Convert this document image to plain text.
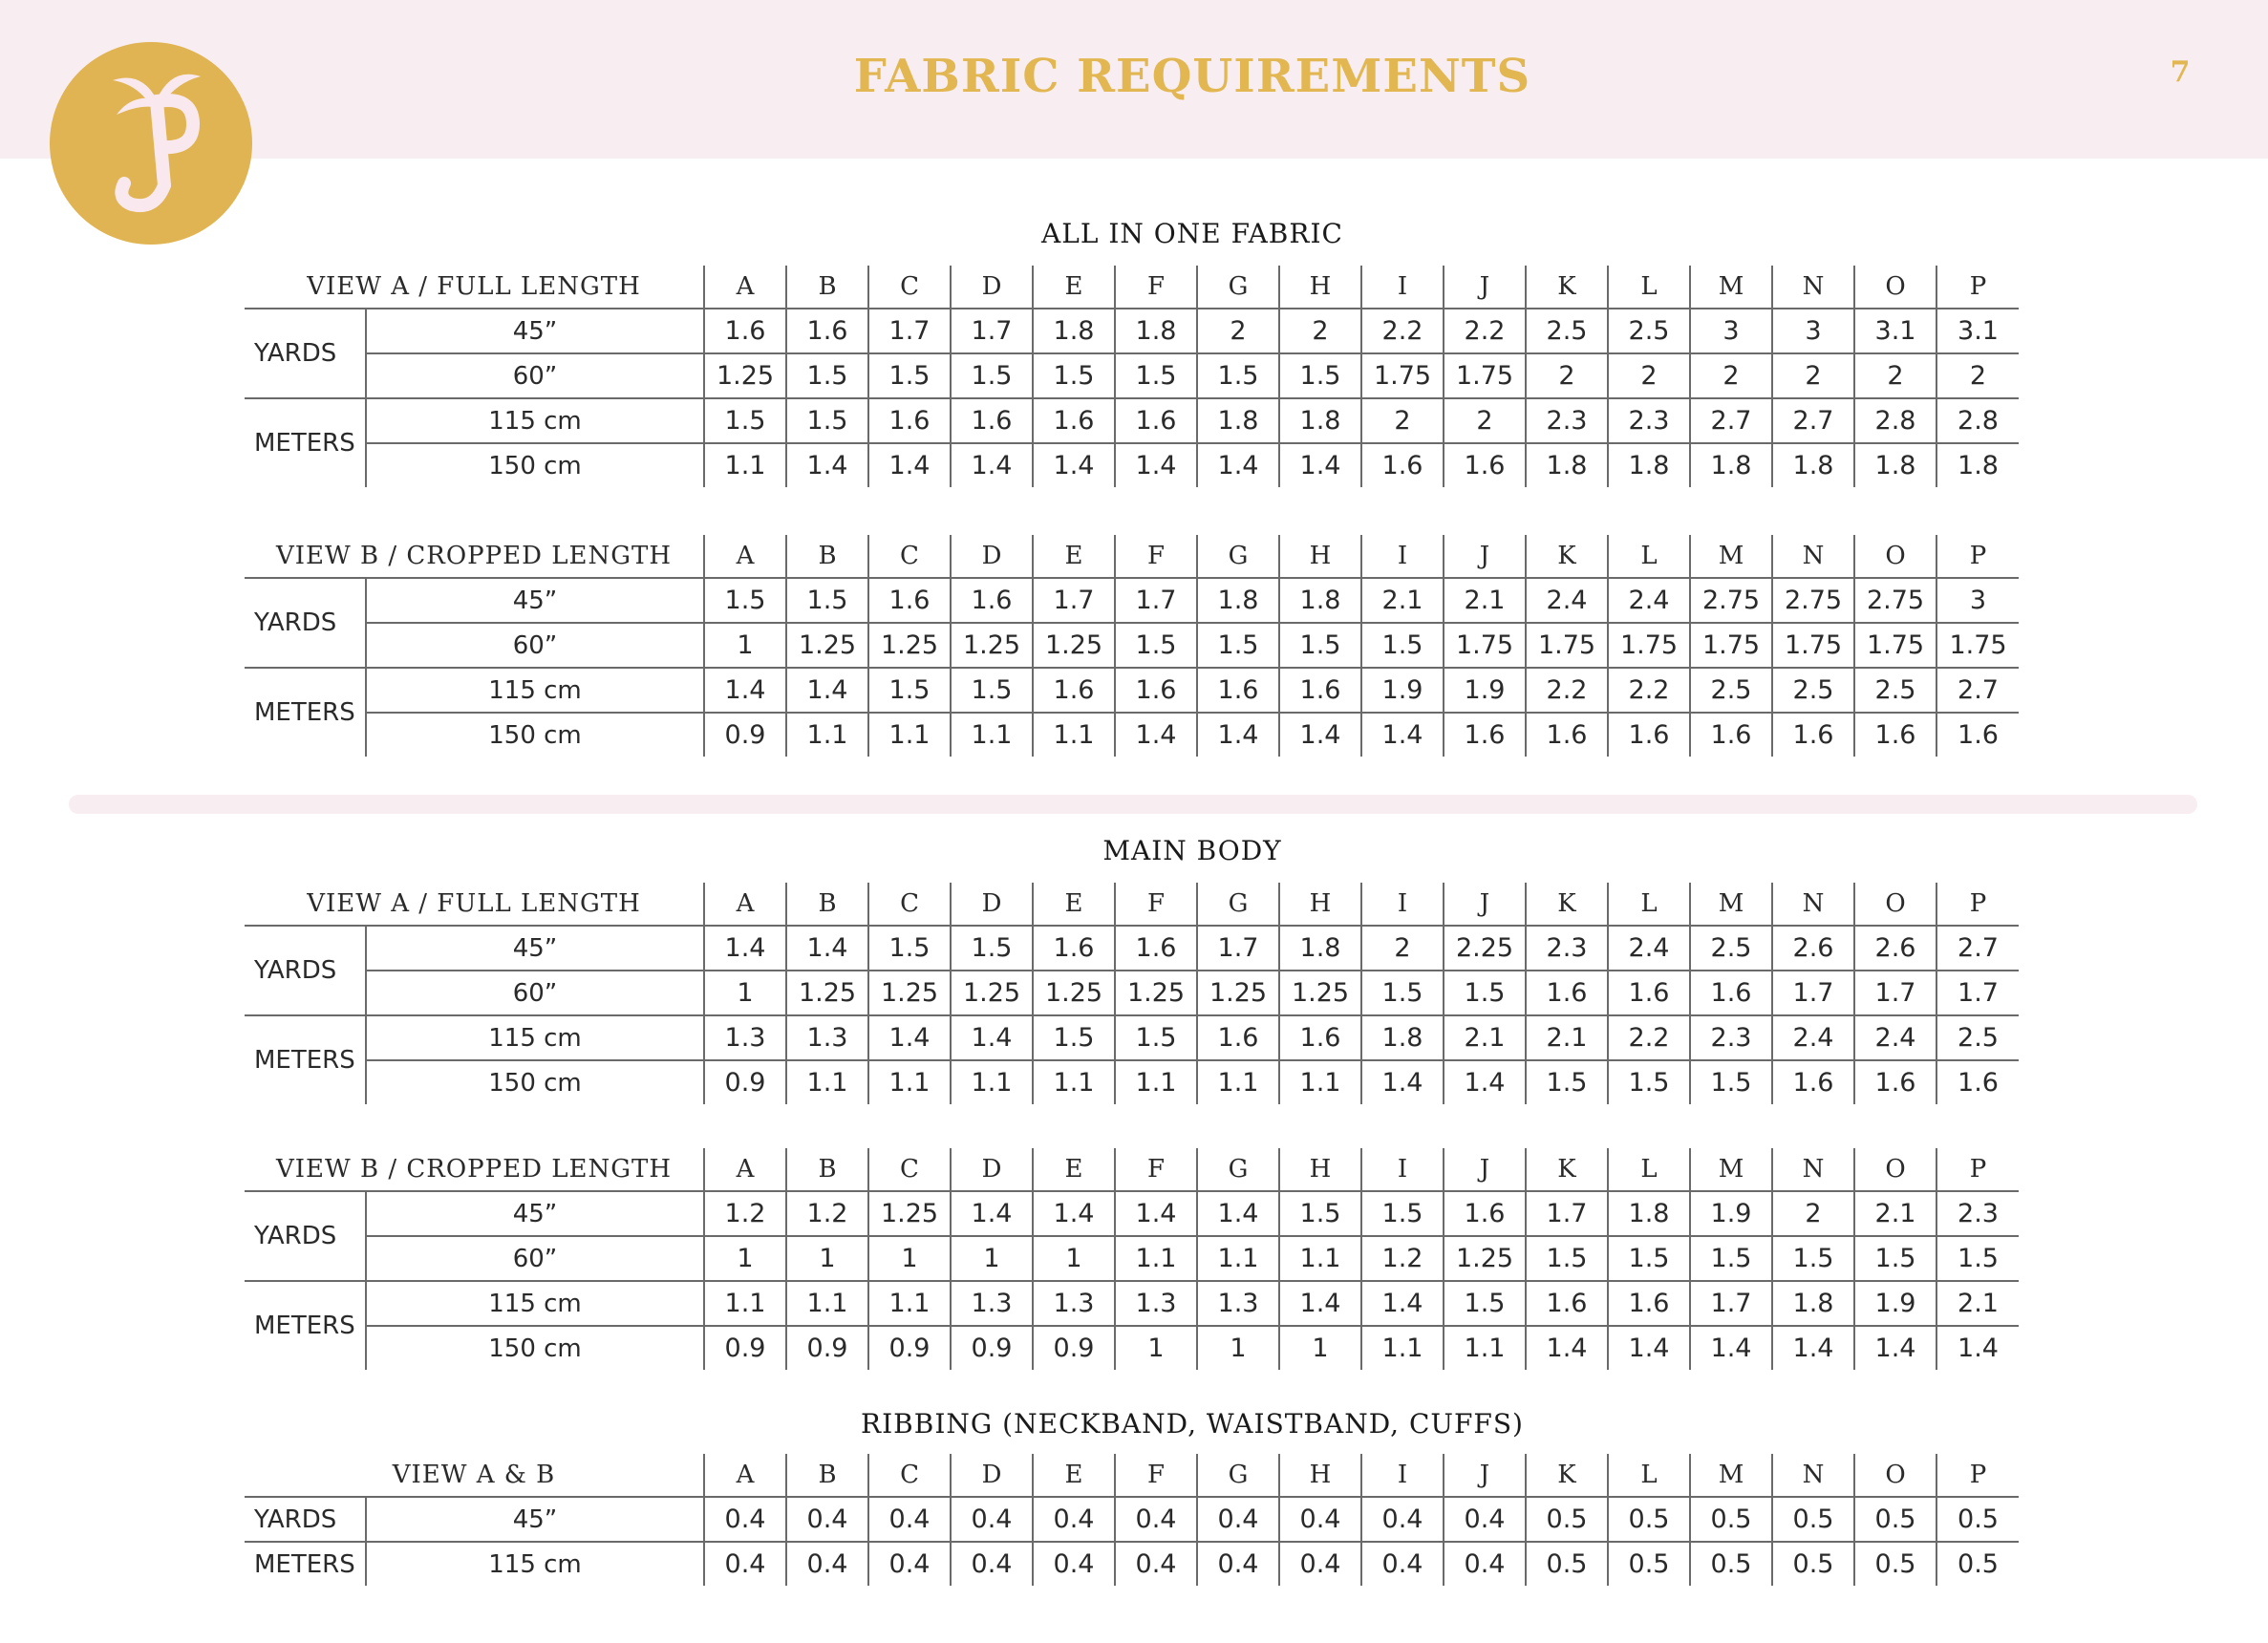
FABRIC REQUIREMENTS	7
ALL IN ONE FABRIC
VIEW A / FULL LENGTH		A	B	C	D	E	F	G	H	I	J	K	L	M	N	O	P
YARDS	45”	1.6	1.6	1.7	1.7	1.8	1.8	2	2	2.2	2.2	2.5	2.5	3	3	3.1	3.1
	60”	1.25	1.5	1.5	1.5	1.5	1.5	1.5	1.5	1.75	1.75	2	2	2	2	2	2
METERS	115 cm	1.5	1.5	1.6	1.6	1.6	1.6	1.8	1.8	2	2	2.3	2.3	2.7	2.7	2.8	2.8
	150 cm	1.1	1.4	1.4	1.4	1.4	1.4	1.4	1.4	1.6	1.6	1.8	1.8	1.8	1.8	1.8	1.8
VIEW B / CROPPED LENGTH		A	B	C	D	E	F	G	H	I	J	K	L	M	N	O	P
YARDS	45”	1.5	1.5	1.6	1.6	1.7	1.7	1.8	1.8	2.1	2.1	2.4	2.4	2.75	2.75	2.75	3
	60”	1	1.25	1.25	1.25	1.25	1.5	1.5	1.5	1.5	1.75	1.75	1.75	1.75	1.75	1.75	1.75
METERS	115 cm	1.4	1.4	1.5	1.5	1.6	1.6	1.6	1.6	1.9	1.9	2.2	2.2	2.5	2.5	2.5	2.7
	150 cm	0.9	1.1	1.1	1.1	1.1	1.4	1.4	1.4	1.4	1.6	1.6	1.6	1.6	1.6	1.6	1.6
MAIN BODY
VIEW A / FULL LENGTH		A	B	C	D	E	F	G	H	I	J	K	L	M	N	O	P
YARDS	45”	1.4	1.4	1.5	1.5	1.6	1.6	1.7	1.8	2	2.25	2.3	2.4	2.5	2.6	2.6	2.7
	60”	1	1.25	1.25	1.25	1.25	1.25	1.25	1.25	1.5	1.5	1.6	1.6	1.6	1.7	1.7	1.7
METERS	115 cm	1.3	1.3	1.4	1.4	1.5	1.5	1.6	1.6	1.8	2.1	2.1	2.2	2.3	2.4	2.4	2.5
	150 cm	0.9	1.1	1.1	1.1	1.1	1.1	1.1	1.1	1.4	1.4	1.5	1.5	1.5	1.6	1.6	1.6
VIEW B / CROPPED LENGTH		A	B	C	D	E	F	G	H	I	J	K	L	M	N	O	P
YARDS	45”	1.2	1.2	1.25	1.4	1.4	1.4	1.4	1.5	1.5	1.6	1.7	1.8	1.9	2	2.1	2.3
	60”	1	1	1	1	1	1.1	1.1	1.1	1.2	1.25	1.5	1.5	1.5	1.5	1.5	1.5
METERS	115 cm	1.1	1.1	1.1	1.3	1.3	1.3	1.3	1.4	1.4	1.5	1.6	1.6	1.7	1.8	1.9	2.1
	150 cm	0.9	0.9	0.9	0.9	0.9	1	1	1	1.1	1.1	1.4	1.4	1.4	1.4	1.4	1.4
RIBBING (NECKBAND, WAISTBAND, CUFFS)
VIEW A & B		A	B	C	D	E	F	G	H	I	J	K	L	M	N	O	P
YARDS	45”	0.4	0.4	0.4	0.4	0.4	0.4	0.4	0.4	0.4	0.4	0.5	0.5	0.5	0.5	0.5	0.5
METERS	115 cm	0.4	0.4	0.4	0.4	0.4	0.4	0.4	0.4	0.4	0.4	0.5	0.5	0.5	0.5	0.5	0.5
